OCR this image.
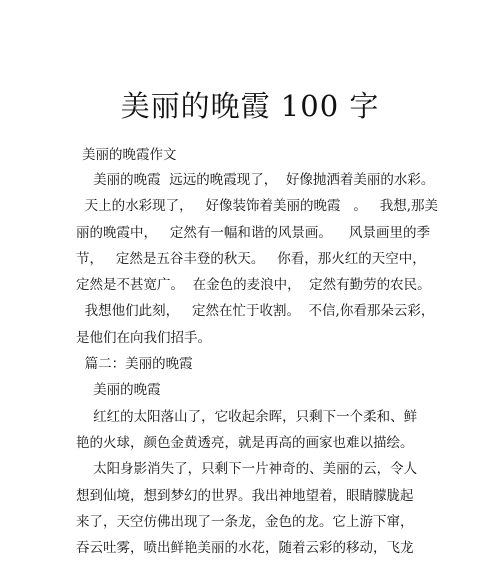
美丽的晚霞 100 字
美丽的晚霞作文
美丽的晚霞  远远的晚霞现了，  好像抛洒着美丽的水彩。
天上的水彩现了，   好像装饰着美丽的晚霞   。   我想,那美
丽的晚霞中，   定然有一幅和谐的风景画。    风景画里的季
节，   定然是五谷丰登的秋天。   你看，那火红的天空中，
定然是不甚宽广。  在金色的麦浪中，  定然有勤劳的农民。
我想他们此刻，   定然在忙于收割。  不信,你看那朵云彩，
是他们在向我们招手。
篇二：美丽的晚霞
美丽的晚霞
红红的太阳落山了，它收起余晖，只剩下一个柔和、鲜
艳的火球，颜色金黄透亮，就是再高的画家也难以描绘。
太阳身影消失了，只剩下一片神奇的、美丽的云，令人
想到仙境，想到梦幻的世界。我出神地望着，眼睛朦胧起
来了，天空仿佛出现了一条龙，金色的龙。它上游下窜，
吞云吐雾，喷出鲜艳美丽的水花，随着云彩的移动，飞龙
